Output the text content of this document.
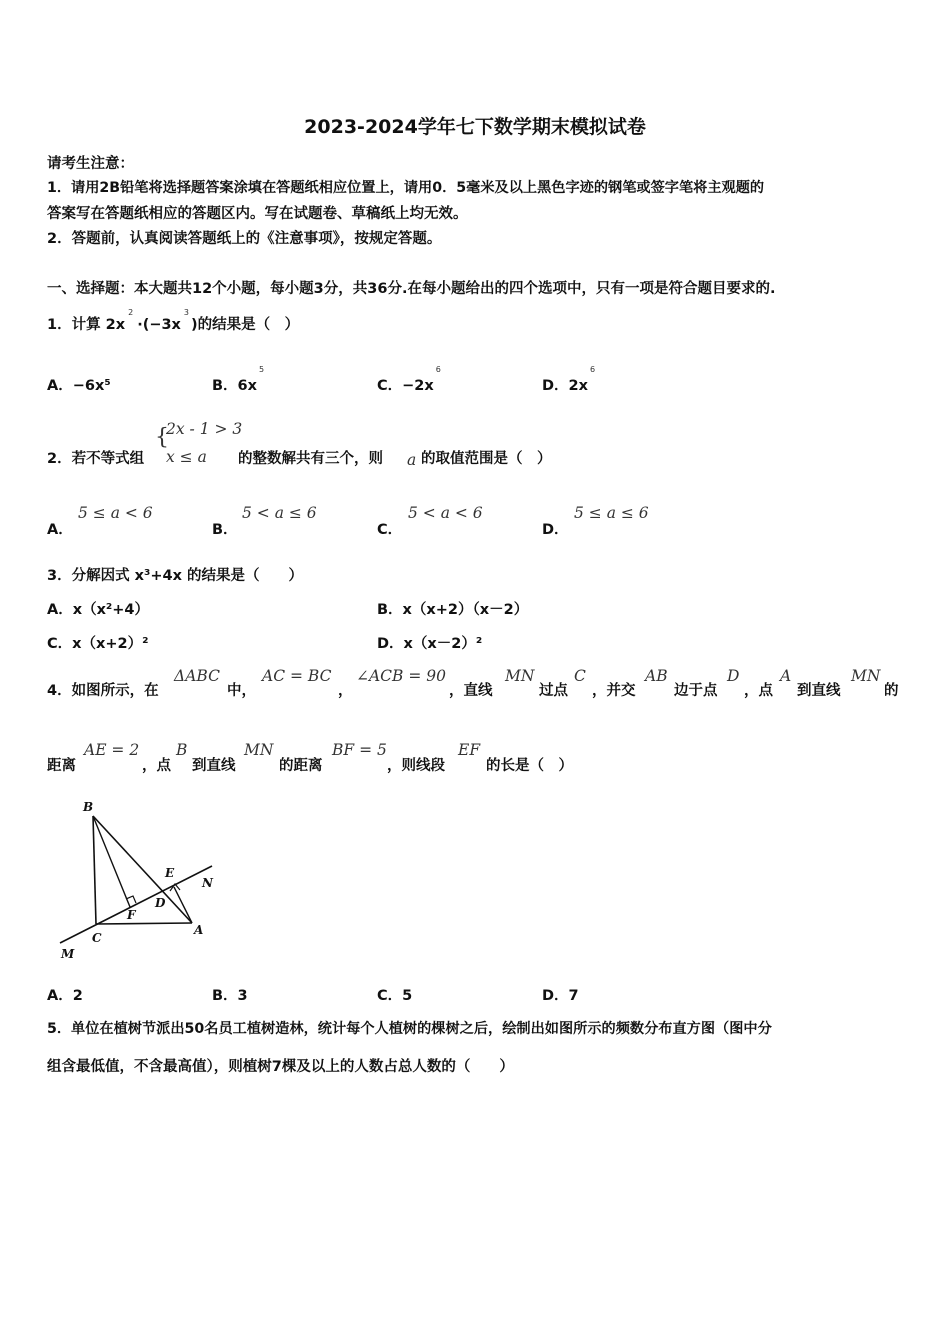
2023-2024学年七下数学期末模拟试卷
请考生注意：
1．请用2B铅笔将选择题答案涂填在答题纸相应位置上，请用0．5毫米及以上黑色字迹的钢笔或签字笔将主观题的
答案写在答题纸相应的答题区内。写在试题卷、草稿纸上均无效。
2．答题前，认真阅读答题纸上的《注意事项》，按规定答题。
一、选择题：本大题共12个小题，每小题3分，共36分.在每小题给出的四个选项中，只有一项是符合题目要求的.
1．计算 $2x^2\cdot(-3x^3)$的结果是（　）
A．−6x⁵	B．$6x^5$
C．$-2x^6$
D．$2x^6$
2．若不等式组
{
2x - 1 > 3
x ≤ a 的整数解共有三个，则 a 的取值范围是（　）
A．
5 ≤ a < 6
B．
5 < a ≤ 6
C．
5 < a < 6
D．
5 ≤ a ≤ 6
3．分解因式 x³+4x 的结果是（　　）
A．x（x²+4）	B．x（x+2）（x－2）
C．x（x+2）²	D．x（x－2）²
4．如图所示，在
ΔABC
中，
AC = BC
，
∠ACB = 90
，直线
MN
过点
C
，并交
AB
边于点
D
，点
A
到直线
MN
的
距离
AE = 2
，点
B
到直线
MN
的距离
BF = 5
，则线段
EF
的长是（　）
B
E
N
D
F
C
A
M
A．2	B．3	C．5	D．7
5．单位在植树节派出50名员工植树造林，统计每个人植树的棵树之后，绘制出如图所示的频数分布直方图（图中分
组含最低值，不含最高值），则植树7棵及以上的人数占总人数的（　　）
